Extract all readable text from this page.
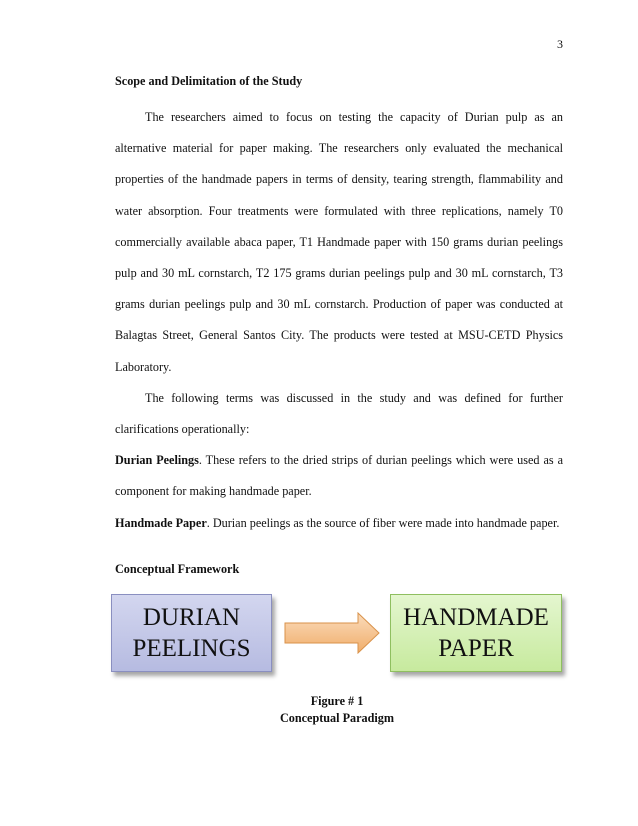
3
Scope and Delimitation of the Study

The researchers aimed to focus on testing the capacity of Durian pulp as an alternative material for paper making. The researchers only evaluated the mechanical properties of the handmade papers in terms of density, tearing strength, flammability and water absorption. Four treatments were formulated with three replications, namely T0 commercially available abaca paper, T1 Handmade paper with 150 grams durian peelings pulp and 30 mL cornstarch, T2 175 grams durian peelings pulp and 30 mL cornstarch, T3 grams durian peelings pulp and 30 mL cornstarch. Production of paper was conducted at Balagtas Street, General Santos City. The products were tested at MSU-CETD Physics Laboratory.

The following terms was discussed in the study and was defined for further clarifications operationally:

Durian Peelings. These refers to the dried strips of durian peelings which were used as a component for making handmade paper.

Handmade Paper. Durian peelings as the source of fiber were made into handmade paper.

Conceptual Framework
DURIAN
PEELINGS
HANDMADE
PAPER
Figure # 1
Conceptual Paradigm
